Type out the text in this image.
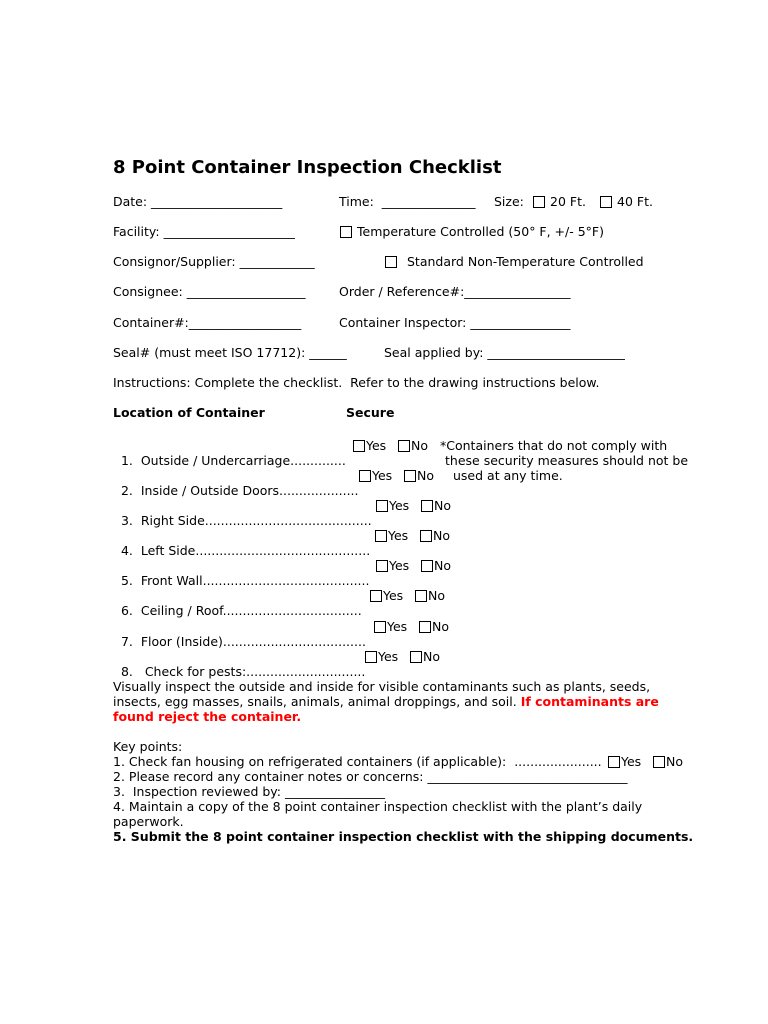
8 Point Container Inspection Checklist
Date: _____________________	Time:  _______________ Size: 20 Ft. 40 Ft.
Facility: _____________________	Temperature Controlled (50° F, +/- 5°F)
Consignor/Supplier: ____________	Standard Non-Temperature Controlled
Consignee: ___________________	Order / Reference#:_________________
Container#:__________________	Container Inspector: ________________
Seal# (must meet ISO 17712): ______	Seal applied by: ______________________
Instructions: Complete the checklist.  Refer to the drawing instructions below.
Location of Container	Secure

1. Outside / Undercarriage..............

Yes No

2. Inside / Outside Doors....................

Yes No

3. Right Side..........................................

Yes No

4. Left Side............................................

Yes No

5. Front Wall..........................................

Yes No

6. Ceiling / Roof...................................

Yes No

7. Floor (Inside)....................................

Yes No

8.   Check for pests:..............................

Yes No
*Containers that do not comply with
these security measures should not be
used at any time.
Visually inspect the outside and inside for visible contaminants such as plants, seeds,
insects, egg masses, snails, animals, animal droppings, and soil. If contaminants are
found reject the container.
Key points:
1. Check fan housing on refrigerated containers (if applicable):  ...................... Yes No
2. Please record any container notes or concerns: ________________________________
3.  Inspection reviewed by: ________________
4. Maintain a copy of the 8 point container inspection checklist with the plant’s daily
paperwork.
5. Submit the 8 point container inspection checklist with the shipping documents.
